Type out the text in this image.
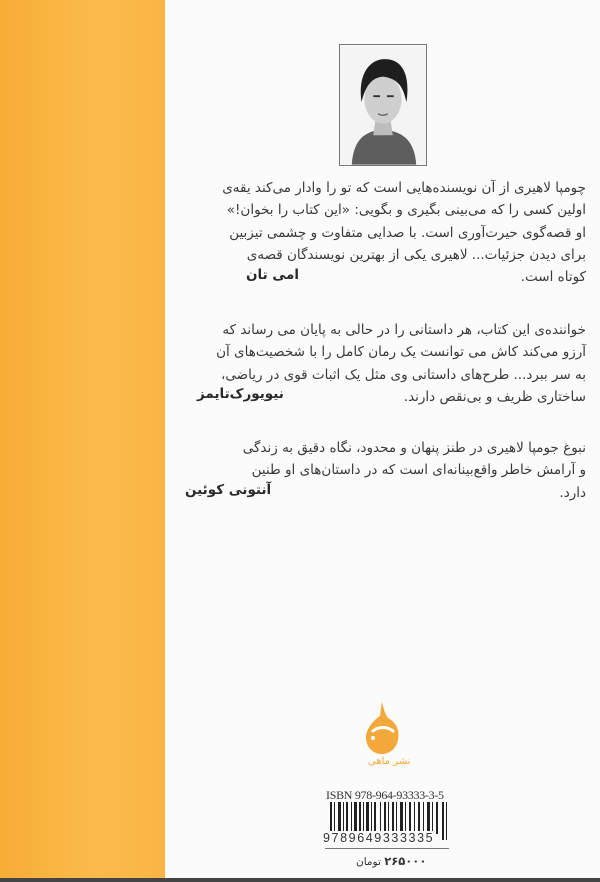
چومپا لاهیری از آن نویسنده‌هایی است که تو را وادار می‌کند یقه‌ی
اولین کسی را که می‌بینی بگیری و بگویی: «این کتاب را بخوان!»
او قصه‌گوی حیرت‌آوری است. با صدایی متفاوت و چشمی تیزبین
برای دیدن جزئیات... لاهیری یکی از بهترین نویسندگان قصه‌ی
کوتاه است.
امی تان
خواننده‌ی این کتاب، هر داستانی را در حالی به پایان می رساند که
آرزو می‌کند کاش می توانست یک رمان کامل را با شخصیت‌های آن
به سر ببرد... طرح‌های داستانی وی مثل یک اثبات قوی در ریاضی،
ساختاری ظریف و بی‌نقص دارند.
نیویورک‌تایمز
نبوغ جومپا لاهیری در طنز پنهان و محدود، نگاه دقیق به زندگی
و آرامش خاطر واقع‌بینانه‌ای است که در داستان‌های او طنین
دارد.
آنتونی کوئین
نشر ماهی
ISBN 978-964-93333-3-5
9789649333335
۲۶۵۰۰۰ تومان
